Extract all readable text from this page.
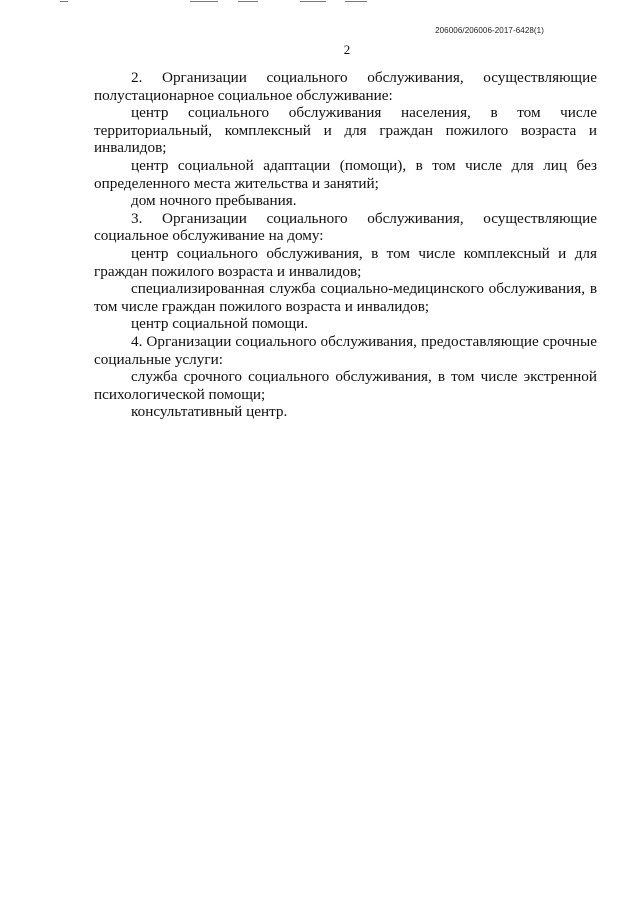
206006/206006-2017-6428(1)
2

2. Организации социального обслуживания, осуществляющие полустационарное социальное обслуживание:

центр социального обслуживания населения, в том числе территориальный, комплексный и для граждан пожилого возраста и инвалидов;

центр социальной адаптации (помощи), в том числе для лиц без определенного места жительства и занятий;

дом ночного пребывания.

3. Организации социального обслуживания, осуществляющие социальное обслуживание на дому:

центр социального обслуживания, в том числе комплексный и для граждан пожилого возраста и инвалидов;

специализированная служба социально-медицинского обслуживания, в том числе граждан пожилого возраста и инвалидов;

центр социальной помощи.

4. Организации социального обслуживания, предоставляющие срочные социальные услуги:

служба срочного социального обслуживания, в том числе экстренной психологической помощи;

консультативный центр.
